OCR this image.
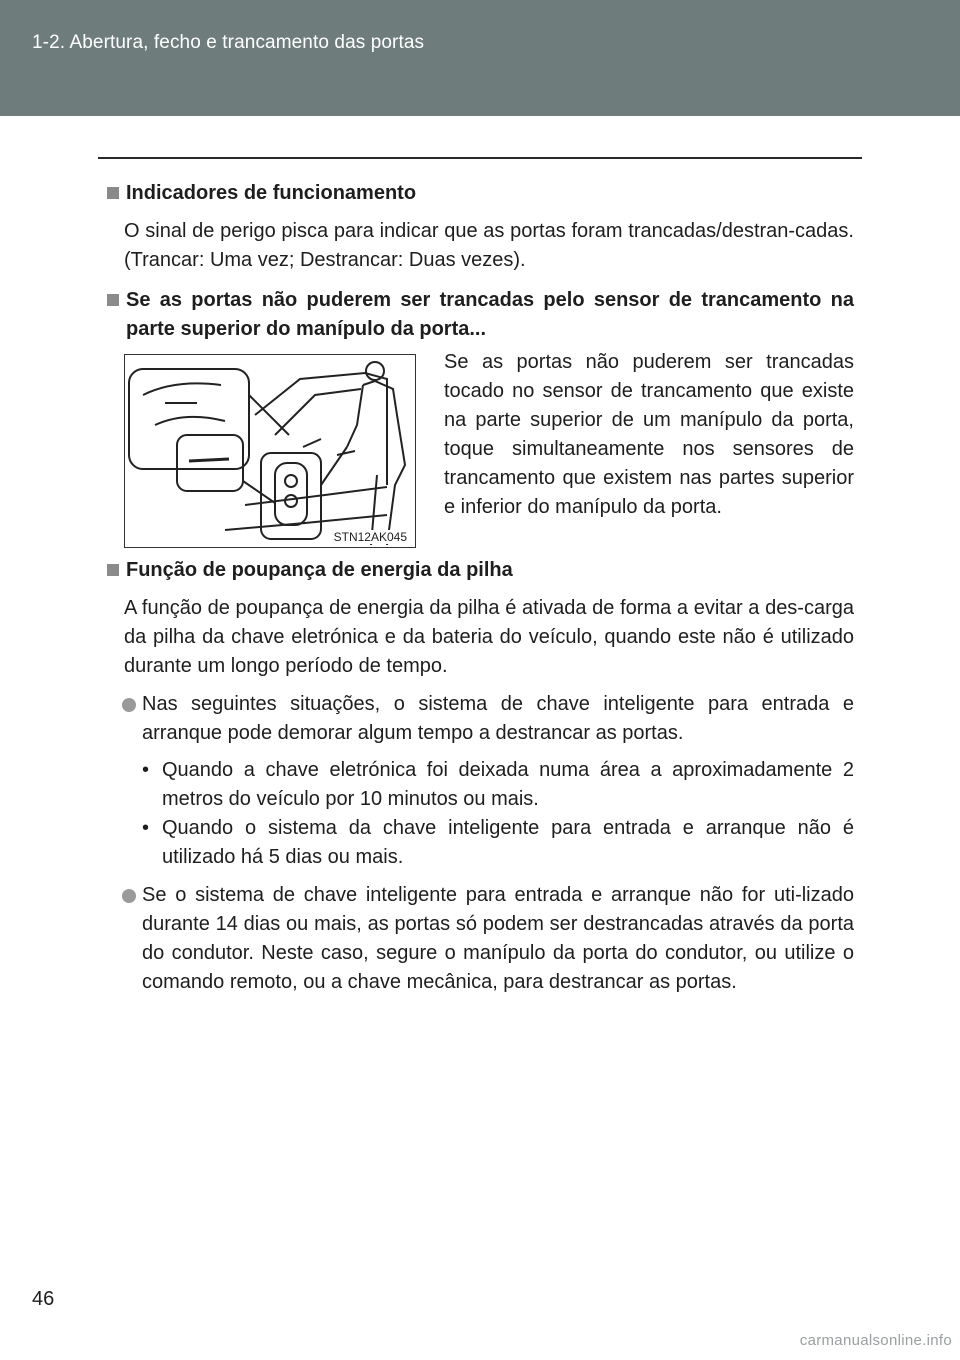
1-2. Abertura, fecho e trancamento das portas
Indicadores de funcionamento
O sinal de perigo pisca para indicar que as portas foram trancadas/destran-cadas. (Trancar: Uma vez; Destrancar: Duas vezes).
Se as portas não puderem ser trancadas pelo sensor de trancamento na parte superior do manípulo da porta...
STN12AK045
Se as portas não puderem ser trancadas tocado no sensor de trancamento que existe na parte superior de um manípulo da porta, toque simultaneamente nos sensores de trancamento que existem nas partes superior e inferior do manípulo da porta.
Função de poupança de energia da pilha
A função de poupança de energia da pilha é ativada de forma a evitar a des-carga da pilha da chave eletrónica e da bateria do veículo, quando este não é utilizado durante um longo período de tempo.
Nas seguintes situações, o sistema de chave inteligente para entrada e arranque pode demorar algum tempo a destrancar as portas.
• Quando a chave eletrónica foi deixada numa área a aproximadamente 2 metros do veículo por 10 minutos ou mais.
• Quando o sistema da chave inteligente para entrada e arranque não é utilizado há 5 dias ou mais.
Se o sistema de chave inteligente para entrada e arranque não for uti-lizado durante 14 dias ou mais, as portas só podem ser destrancadas através da porta do condutor. Neste caso, segure o manípulo da porta do condutor, ou utilize o comando remoto, ou a chave mecânica, para destrancar as portas.
46
carmanualsonline.info
